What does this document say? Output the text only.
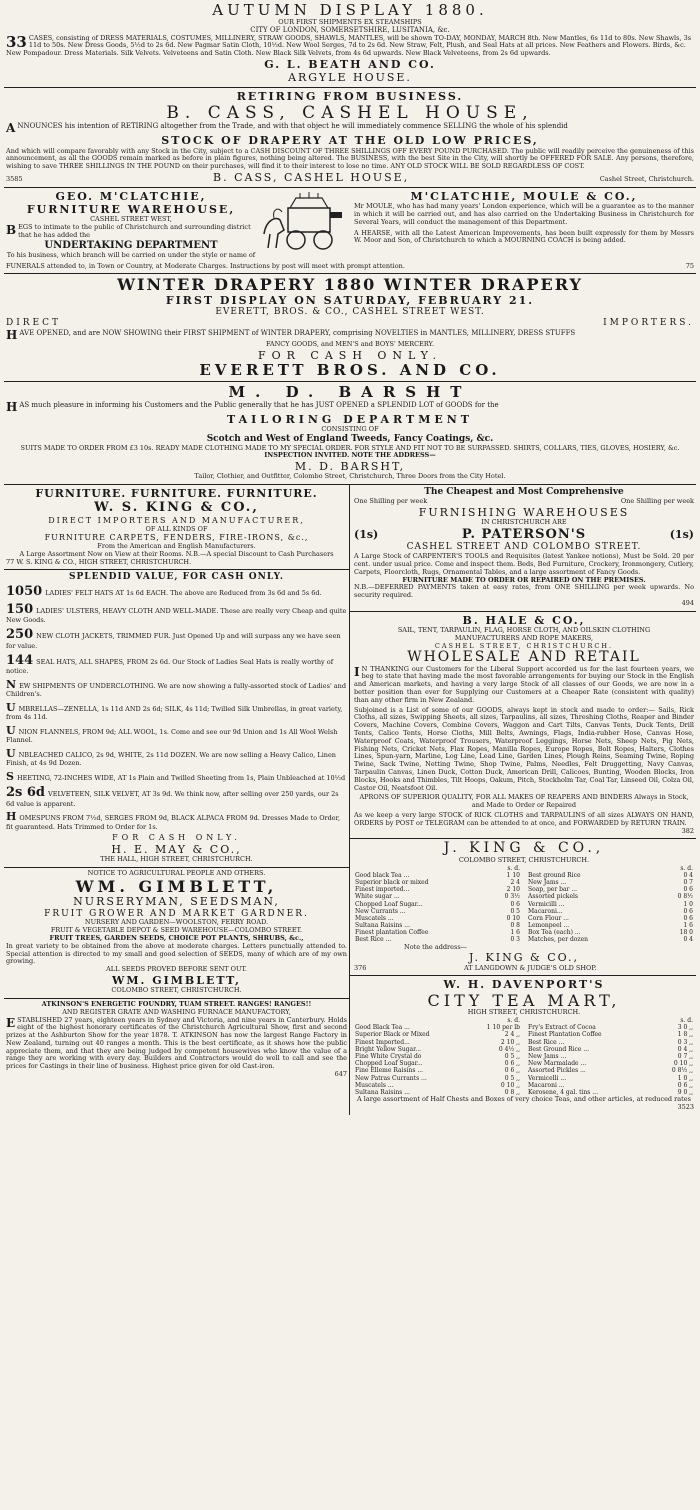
AUTUMN DISPLAY 1880.
OUR FIRST SHIPMENTS EX STEAMSHIPS
CITY OF LONDON, SOMERSETSHIRE, LUSITANIA, &c.
33 CASES, consisting of DRESS MATERIALS, COSTUMES, MILLINERY, STRAW GOODS, SHAWLS, MANTLES, will be shown TO-DAY, MONDAY, MARCH 8th. New Mantles, 6s 11d to 80s. New Shawls, 3s 11d to 50s. New Dress Goods, 5½d to 2s 6d. New Pagmar Satin Cloth, 10½d. New Wool Serges, 7d to 2s 6d. New Straw, Felt, Plush, and Seal Hats at all prices. New Feathers and Flowers. Birds, &c. New Pompadour. Dress Materials. Silk Velvets. Velveteens and Satin Cloth. New Black Silk Velvets, from 4s 6d upwards. New Black Velveteens, from 2s 6d upwards.
G. L. BEATH AND CO.
ARGYLE HOUSE.
RETIRING FROM BUSINESS.
B. CASS, CASHEL HOUSE,
A NNOUNCES his intention of RETIRING altogether from the Trade, and with that object he will immediately commence SELLING the whole of his splendid
STOCK OF DRAPERY AT THE OLD LOW PRICES,
And which will compare favorably with any Stock in the City, subject to a CASH DISCOUNT OF THREE SHILLINGS OFF EVERY POUND PURCHASED. The public will readily perceive the genuineness of this announcement, as all the GOODS remain marked as before in plain figures, nothing being altered. The BUSINESS, with the best Site in the City, will shortly be OFFERED FOR SALE. Any persons, therefore, wishing to save THREE SHILLINGS IN THE POUND on their purchases, will find it to their interest to lose no time. ANY OLD STOCK WILL BE SOLD REGARDLESS OF COST.
3585	B. CASS, CASHEL HOUSE,	Cashel Street, Christchurch.
GEO. M'CLATCHIE,
FURNITURE WAREHOUSE,
CASHEL STREET WEST,
B EGS to intimate to the public of Christchurch and surrounding district that he has added the
UNDERTAKING DEPARTMENT
To his business, which branch will be carried on under the style or name of
M'CLATCHIE, MOULE & CO.,
Mr MOULE, who has had many years' London experience, which will be a guarantee as to the manner in which it will be carried out, and has also carried on the Undertaking Business in Christchurch for Several Years, will conduct the management of this Department.
A HEARSE, with all the Latest American Improvements, has been built expressly for them by Messrs W. Moor and Son, of Christchurch to which a MOURNING COACH is being added.
FUNERALS attended to, in Town or Country, at Moderate Charges. Instructions by post will meet with prompt attention.	75
WINTER DRAPERY 1880 WINTER DRAPERY
FIRST DISPLAY ON SATURDAY, FEBRUARY 21.
EVERETT, BROS. & CO., CASHEL STREET WEST.
DIRECT	IMPORTERS.
H AVE OPENED, and are NOW SHOWING their FIRST SHIPMENT of WINTER DRAPERY, comprising NOVELTIES in MANTLES, MILLINERY, DRESS STUFFS
FANCY GOODS, and MEN'S and BOYS' MERCERY.
FOR CASH ONLY.
EVERETT BROS. AND CO.
M. D. BARSHT
H AS much pleasure in informing his Customers and the Public generally that he has JUST OPENED a SPLENDID LOT of GOODS for the
TAILORING DEPARTMENT
CONSISTING OF
Scotch and West of England Tweeds, Fancy Coatings, &c.
SUITS MADE TO ORDER FROM £3 10s. READY MADE CLOTHING MADE TO MY SPECIAL ORDER. FOR STYLE AND FIT NOT TO BE SURPASSED. SHIRTS, COLLARS, TIES, GLOVES, HOSIERY, &c.
INSPECTION INVITED. NOTE THE ADDRESS—
M. D. BARSHT,
Tailor, Clothier, and Outfitter, Colombo Street, Christchurch, Three Doors from the City Hotel.
FURNITURE. FURNITURE. FURNITURE.
W. S. KING & CO.,
DIRECT IMPORTERS AND MANUFACTURER,
OF ALL KINDS OF
FURNITURE CARPETS, FENDERS, FIRE-IRONS, &c.,
From the American and English Manufacturers.
A Large Assortment Now on View at their Rooms. N.B.—A special Discount to Cash Purchasers
77 W. S. KING & CO., HIGH STREET, CHRISTCHURCH.
SPLENDID VALUE, FOR CASH ONLY.
1050 LADIES' FELT HATS AT 1s 6d EACH. The above are Reduced from 3s 6d and 5s 6d.
150 LADIES' ULSTERS, HEAVY CLOTH AND WELL-MADE. These are really very Cheap and quite New Goods.
250 NEW CLOTH JACKETS, TRIMMED FUR. Just Opened Up and will surpass any we have seen for value.
144 SEAL HATS, ALL SHAPES, FROM 2s 6d. Our Stock of Ladies Seal Hats is really worthy of notice.
NEW SHIPMENTS OF UNDERCLOTHING. We are now showing a fully-assorted stock of Ladies' and Children's.
UMBRELLAS—ZENELLA, 1s 11d AND 2s 6d; SILK, 4s 11d; Twilled Silk Umbrellas, in great variety, from 4s 11d.
UNION FLANNELS, FROM 9d; ALL WOOL, 1s. Come and see our 9d Union and 1s All Wool Welsh Flannel.
UNBLEACHED CALICO, 2s 9d, WHITE, 2s 11d DOZEN. We are now selling a Heavy Calico, Linen Finish, at 4s 9d Dozen.
SHEETING, 72-INCHES WIDE, AT 1s Plain and Twilled Sheeting from 1s, Plain Unbleached at 10½d
2s 6d VELVETEEN, SILK VELVET, AT 3s 9d. We think now, after selling over 250 yards, our 2s 6d value is apparent.
HOMESPUNS FROM 7½d, SERGES FROM 9d, BLACK ALPACA FROM 9d. Dresses Made to Order, fit guaranteed. Hats Trimmed to Order for 1s.
FOR CASH ONLY.
H. E. MAY & CO.,
THE HALL, HIGH STREET, CHRISTCHURCH.
NOTICE TO AGRICULTURAL PEOPLE AND OTHERS.
WM. GIMBLETT,
NURSERYMAN, SEEDSMAN,
FRUIT GROWER AND MARKET GARDNER.
NURSERY AND GARDEN—WOOLSTON, FERRY ROAD.
FRUIT & VEGETABLE DEPOT & SEED WAREHOUSE—COLOMBO STREET.
FRUIT TREES, GARDEN SEEDS, CHOICE POT PLANTS, SHRUBS, &c.,
In great variety to be obtained from the above at moderate charges. Letters punctually attended to. Special attention is directed to my small and good selection of SEEDS, many of which are of my own growing.
ALL SEEDS PROVED BEFORE SENT OUT.
WM. GIMBLETT,
COLOMBO STREET, CHRISTCHURCH.
ATKINSON'S ENERGETIC FOUNDRY, TUAM STREET. RANGES! RANGES!!
AND REGISTER GRATE AND WASHING FURNACE MANUFACTORY,
E STABLISHED 27 years, eighteen years in Sydney and Victoria, and nine years in Canterbury. Holds eight of the highest honorary certificates of the Christchurch Agricultural Show, first and second prizes at the Ashburton Show for the year 1878. T. ATKINSON has now the largest Range Factory in New Zealand, turning out 40 ranges a month. This is the best certificate, as it shows how the public appreciate them, and that they are being judged by competent housewives who know the value of a range they are working with every day. Builders and Contractors would do well to call and see the prices for Castings in their line of business. Highest price given for old Cast-iron.
647
The Cheapest and Most Comprehensive
One Shilling per week	One Shilling per week
FURNISHING WAREHOUSES
IN CHRISTCHURCH ARE
(1s)	P. PATERSON'S	(1s)
CASHEL STREET AND COLOMBO STREET.
A Large Stock of CARPENTER'S TOOLS and Requisites (latest Yankee notions), Must be Sold. 20 per cent. under usual price. Come and inspect them. Beds, Bed Furniture, Crockery, Ironmongery, Cutlery, Carpets, Floorcloth, Rugs, Ornamental Tables, and a large assortment of Fancy Goods.
FURNITURE MADE TO ORDER OR REPAIRED ON THE PREMISES.
N.B.—DEFERRED PAYMENTS taken at easy rates, from ONE SHILLING per week upwards. No security required.
494
B. HALE & CO.,
SAIL, TENT, TARPAULIN, FLAG, HORSE CLOTH, AND OILSKIN CLOTHING
MANUFACTURERS AND ROPE MAKERS,
CASHEL STREET, CHRISTCHURCH.
WHOLESALE AND RETAIL
I N THANKING our Customers for the Liberal Support accorded us for the last fourteen years, we beg to state that having made the most favorable arrangements for buying our Stock in the English and American markets, and having a very large Stock of all classes of our Goods, we are now in a better position than ever for Supplying our Customers at a Cheaper Rate (consistent with quality) than any other firm in New Zealand.
Subjoined is a List of some of our GOODS, always kept in stock and made to order:— Sails, Rick Cloths, all sizes, Swipping Sheets, all sizes, Tarpaulins, all sizes, Threshing Cloths, Reaper and Binder Covers, Machine Covers, Combine Covers, Waggon and Cart Tilts, Canvas Tents, Duck Tents, Drill Tents, Calico Tents, Horse Cloths, Mill Belts, Awnings, Flags, India-rubber Hose, Canvas Hose, Waterproof Coats, Waterproof Trousers, Waterproof Leggings, Horse Nets, Sheep Nets, Pig Nets, Fishing Nets, Cricket Nets, Flax Ropes, Manilla Ropes, Europe Ropes, Bolt Ropes, Halters, Clothes Lines, Spun-yarn, Marline, Log Line, Lead Line, Garden Lines, Plough Reins, Seaming Twine, Roping Twine, Sack Twine, Netting Twine, Shop Twine, Palms, Needles, Felt Druggetting, Navy Canvas, Tarpaulin Canvas, Linen Duck, Cotton Duck, American Drill, Calicoes, Bunting, Wooden Blocks, Iron Blocks, Hooks and Thimbles, Tilt Hoops, Oakum, Pitch, Stockholm Tar, Coal Tar, Linseed Oil, Colza Oil, Castor Oil, Neatsfoot Oil.
APRONS OF SUPERIOR QUALITY, FOR ALL MAKES OF REAPERS AND BINDERS Always in Stock, and Made to Order or Repaired
As we keep a very large STOCK of RICK CLOTHS and TARPAULINS of all sizes ALWAYS ON HAND, ORDERS by POST or TELEGRAM can be attended to at once, and FORWARDED by RETURN TRAIN.
382
J. KING & CO.,
COLOMBO STREET, CHRISTCHURCH.
	s. d.
Good black Tea ...	1 10
Superior black or mixed	2 4
Finest imported...	2 10
White sugar ...	0 3½
Chopped Loaf Sugar...	0 6
New Currants ...	0 5
Muscatels ...	0 10
Sultana Raisins ...	0 8
Finest plantation Coffee	1 6
Best Rice ...	0 3
	s. d.
Best ground Rice	0 4
New Jams ...	0 7
Soap, per bar ...	0 6
Assorted pickels	0 8½
Vermicilli ...	1 0
Macaroni...	0 6
Corn Flour ...	0 6
Lemonpeel ...	1 6
Box Tea (each) ...	18 0
Matches, per dozen	0 4
Note the address—
J. KING & CO.,
376	AT LANGDOWN & JUDGE'S OLD SHOP.
W. H. DAVENPORT'S
CITY TEA MART,
HIGH STREET, CHRISTCHURCH.
	s. d.
Good Black Tea ...	1 10 per lb
Superior Black or Mixed	2 4 ,,
Finest Imported...	2 10 ,,
Bright Yellow Sugar...	0 4½ ,,
Fine White Crystal do	0 5 ,,
Chopped Loaf Sugar...	0 6 ,,
Fine Elleme Raisins ...	0 6 ,,
New Patras Currants ...	0 5 ,,
Muscatels ...	0 10 ,,
Sultana Raisins ...	0 8 ,,
	s. d.
Fry's Extract of Cocoa	3 0 ,,
Finest Plantation Coffee	1 8 ,,
Best Rice ...	0 3 ,,
Best Ground Rice ...	0 4 ,,
New Jams ...	0 7 ,,
New Marmalade ...	0 10 ,,
Assorted Pickles ...	0 8½ ,,
Vermicelli ...	1 0 ,,
Macaroni ...	0 6 ,,
Kerosene, 4 gal. tins ...	9 0 ,,
A large assortment of Half Chests and Boxes of very choice Teas, and other articles, at reduced rates
3523
